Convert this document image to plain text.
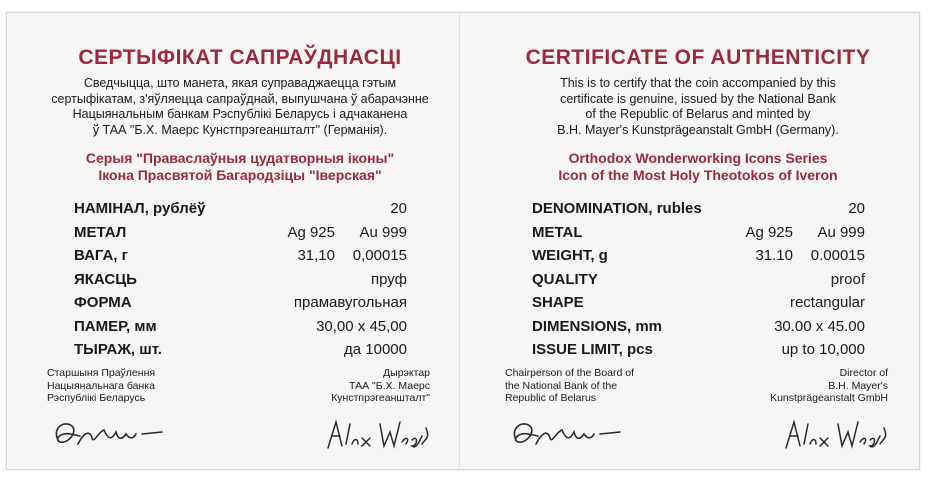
СЕРТЫФІКАТ САПРАЎДНАСЦІ
Сведчыцца, што манета, якая суправаджаецца гэтым
сертыфікатам, з'яўляецца сапраўднай, выпушчана ў абарачэнне
Нацыянальным банкам Рэспублікі Беларусь і адчаканена
ў ТАА "Б.Х. Маерс Кунстпрэгеаншталт" (Германія).
Серыя "Праваслаўныя цудатворныя іконы"
Ікона Прасвятой Багародзіцы "Іверская"
НАМІНАЛ, рублёў	20
МЕТАЛ	Ag 925 Au 999
ВАГА, г	31,10 0,00015
ЯКАСЦЬ	пруф
ФОРМА	прамавугольная
ПАМЕР, мм	30,00 x 45,00
ТЫРАЖ, шт.	да 10000
Старшыня Праўлення
Нацыянальнага банка
Рэспублікі Беларусь
Дырэктар
ТАА "Б.Х. Маерс
Кунстпрэгеаншталт"
CERTIFICATE OF AUTHENTICITY
This is to certify that the coin accompanied by this
certificate is genuine, issued by the National Bank
of the Republic of Belarus and minted by
B.H. Mayer's Kunstprägeanstalt GmbH (Germany).
Orthodox Wonderworking Icons Series
Icon of the Most Holy Theotokos of Iveron
DENOMINATION, rubles	20
METAL	Ag 925 Au 999
WEIGHT, g	31.10 0.00015
QUALITY	proof
SHAPE	rectangular
DIMENSIONS, mm	30.00 x 45.00
ISSUE LIMIT, pcs	up to 10,000
Chairperson of the Board of
the National Bank of the
Republic of Belarus
Director of
B.H. Mayer's
Kunstprägeanstalt GmbH
